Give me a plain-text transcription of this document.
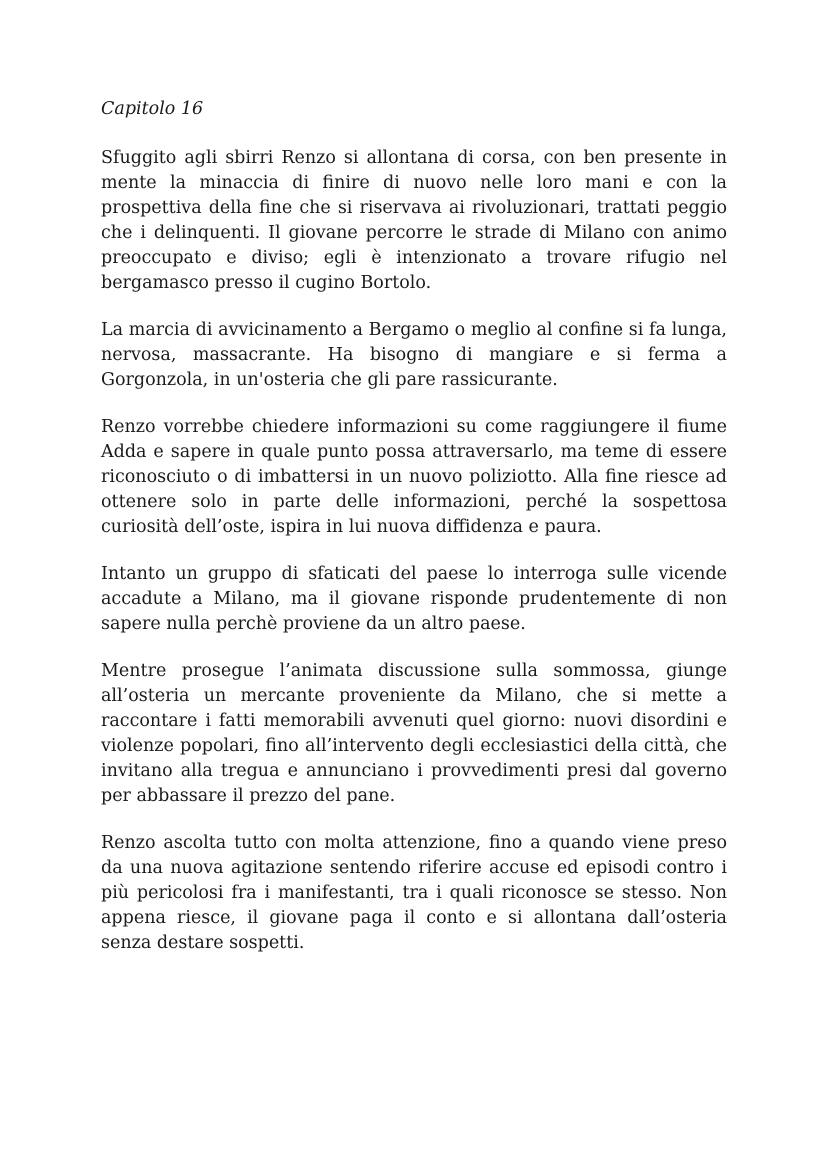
Capitolo 16

Sfuggito agli sbirri Renzo si allontana di corsa, con ben presente in mente la minaccia di finire di nuovo nelle loro mani e con la prospettiva della fine che si riservava ai rivoluzionari, trattati peggio che i delinquenti. Il giovane percorre le strade di Milano con animo preoccupato e diviso; egli è intenzionato a trovare rifugio nel bergamasco presso il cugino Bortolo.

La marcia di avvicinamento a Bergamo o meglio al confine si fa lunga, nervosa, massacrante. Ha bisogno di mangiare e si ferma a Gorgonzola, in un'osteria che gli pare rassicurante.

Renzo vorrebbe chiedere informazioni su come raggiungere il fiume Adda e sapere in quale punto possa attraversarlo, ma teme di essere riconosciuto o di imbattersi in un nuovo poliziotto. Alla fine riesce ad ottenere solo in parte delle informazioni, perché la sospettosa curiosità dell’oste, ispira in lui nuova diffidenza e paura.

Intanto un gruppo di sfaticati del paese lo interroga sulle vicende accadute a Milano, ma il giovane risponde prudentemente di non sapere nulla perchè proviene da un altro paese.

Mentre prosegue l’animata discussione sulla sommossa, giunge all’osteria un mercante proveniente da Milano, che si mette a raccontare i fatti memorabili avvenuti quel giorno: nuovi disordini e violenze popolari, fino all’intervento degli ecclesiastici della città, che invitano alla tregua e annunciano i provvedimenti presi dal governo per abbassare il prezzo del pane.

Renzo ascolta tutto con molta attenzione, fino a quando viene preso da una nuova agitazione sentendo riferire accuse ed episodi contro i più pericolosi fra i manifestanti, tra i quali riconosce se stesso. Non appena riesce, il giovane paga il conto e si allontana dall’osteria senza destare sospetti.
